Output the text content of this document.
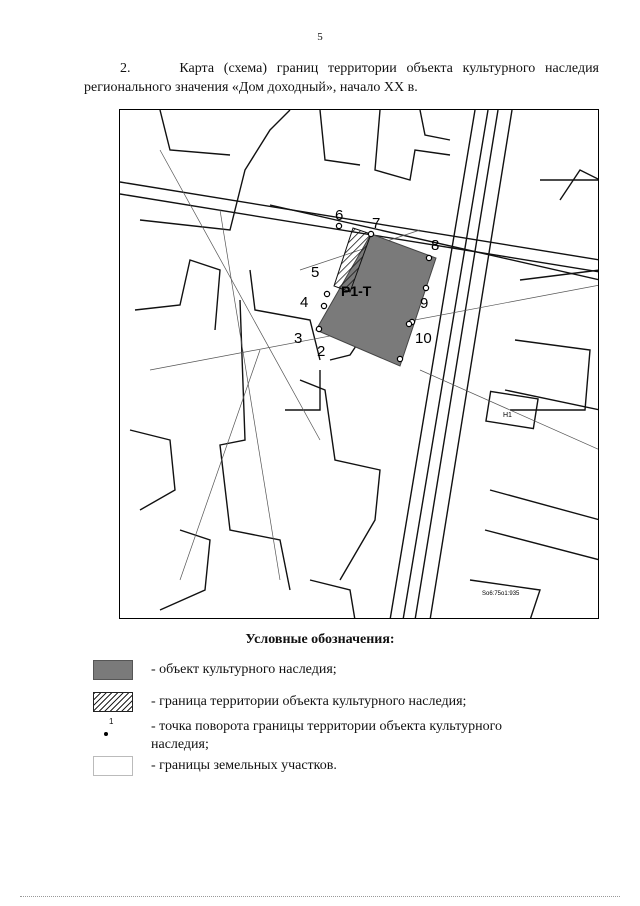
5
2.	Карта (схема) границ территории объекта культурного наследия
регионального значения «Дом доходный», начало XX в.
6 7
8
5
4	9
3	10
2
P1-T
Н1
Sо6:75о1:935
Условные обозначения:
- объект культурного наследия;
- граница территории объекта культурного наследия;
1	- точка поворота границы территории объекта культурного наследия;
- границы земельных участков.
